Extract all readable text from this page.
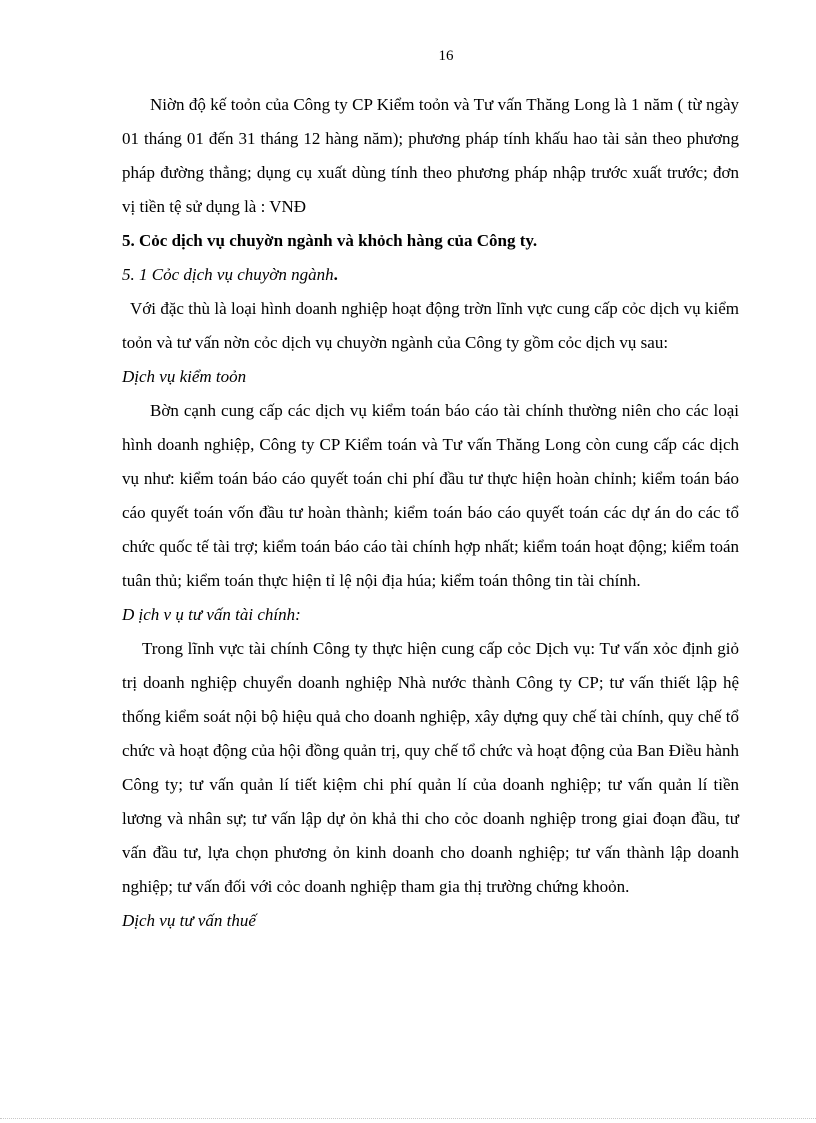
16

Niờn độ kế toỏn của Công ty CP Kiểm toỏn và Tư vấn Thăng Long là 1 năm ( từ ngày 01 tháng 01 đến 31 tháng 12 hàng năm); phương pháp tính khấu hao tài sản theo phương pháp đường thẳng; dụng cụ xuất dùng tính theo phương pháp nhập trước xuất trước; đơn vị tiền tệ sử dụng là : VNĐ

5. Cỏc dịch vụ chuyờn ngành và khỏch hàng của Công ty.

5. 1 Cỏc dịch vụ chuyờn ngành.

Với đặc thù là loại hình doanh nghiệp hoạt động trờn lĩnh vực cung cấp cỏc dịch vụ kiểm toỏn và tư vấn nờn cỏc dịch vụ chuyờn ngành của Công ty gồm cỏc dịch vụ sau:

Dịch vụ kiểm toỏn

Bờn cạnh cung cấp các dịch vụ kiểm toán báo cáo tài chính thường niên cho các loại hình doanh nghiệp, Công ty CP Kiểm toán và Tư vấn Thăng Long còn cung cấp các dịch vụ như: kiểm toán báo cáo quyết toán chi phí đầu tư thực hiện hoàn chỉnh; kiểm toán báo cáo quyết toán vốn đầu tư hoàn thành; kiểm toán báo cáo quyết toán các dự án do các tổ chức quốc tế tài trợ; kiểm toán báo cáo tài chính hợp nhất; kiểm toán hoạt động; kiểm toán tuân thủ; kiểm toán thực hiện tỉ lệ nội địa húa; kiểm toán thông tin tài chính.

D ịch v ụ tư vấn tài chính:

Trong lĩnh vực tài chính Công ty thực hiện cung cấp cỏc Dịch vụ: Tư vấn xỏc định giỏ trị doanh nghiệp chuyển doanh nghiệp Nhà nước thành Công ty CP; tư vấn thiết lập hệ thống kiểm soát nội bộ hiệu quả cho doanh nghiệp, xây dựng quy chế tài chính, quy chế tổ chức và hoạt động của hội đồng quản trị, quy chế tổ chức và hoạt động của Ban Điều hành Công ty; tư vấn quản lí tiết kiệm chi phí quản lí của doanh nghiệp; tư vấn quản lí tiền lương và nhân sự; tư vấn lập dự ỏn khả thi cho cỏc doanh nghiệp trong giai đoạn đầu, tư vấn đầu tư, lựa chọn phương ỏn kinh doanh cho doanh nghiệp; tư vấn thành lập doanh nghiệp; tư vấn đối với cỏc doanh nghiệp tham gia thị trường chứng khoỏn.

Dịch vụ tư vấn thuế
